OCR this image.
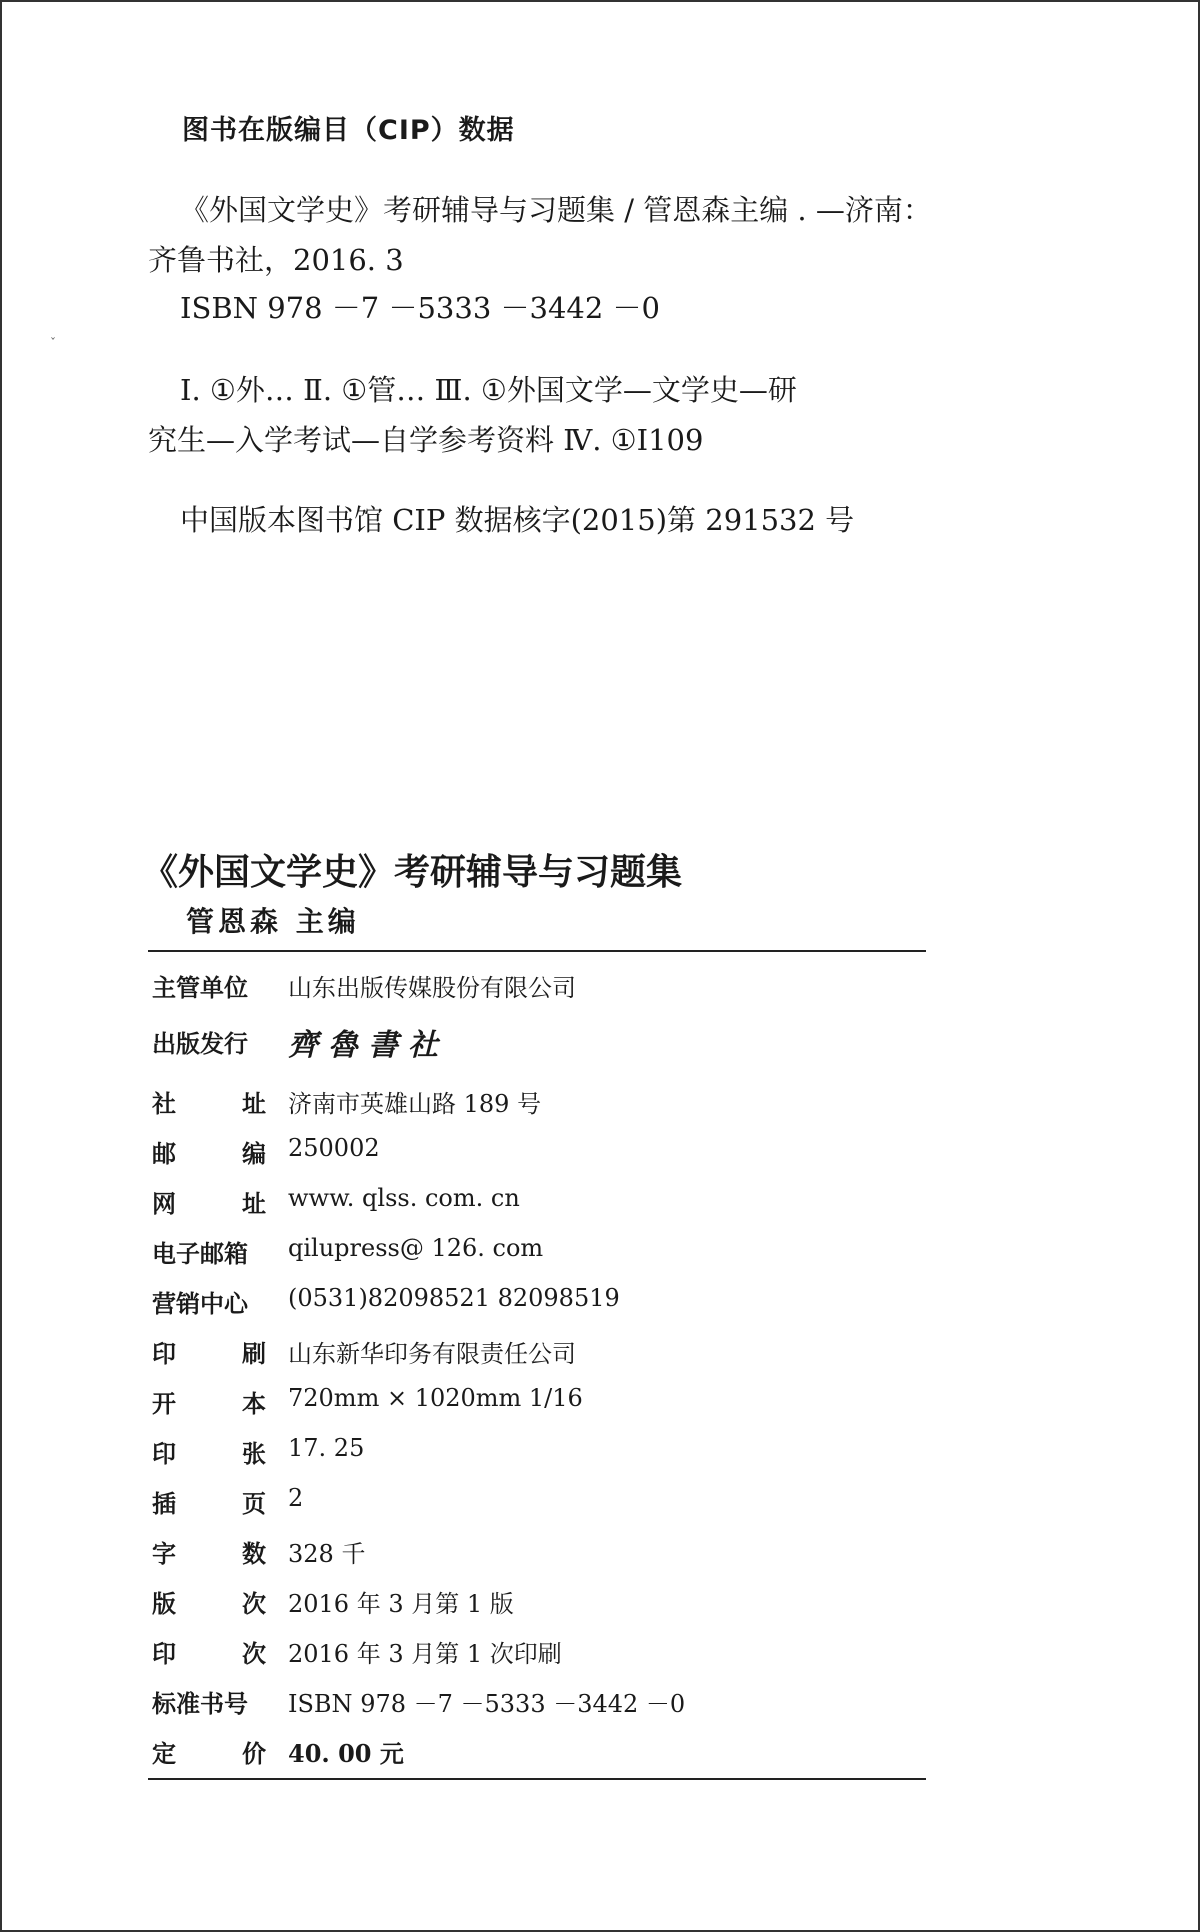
ˇ
图书在版编目（CIP）数据
《外国文学史》考研辅导与习题集 / 管恩森主编 . —济南：
齐鲁书社，2016. 3
ISBN 978 －7 －5333 －3442 －0
Ⅰ. ①外… Ⅱ. ①管… Ⅲ. ①外国文学—文学史—研
究生—入学考试—自学参考资料 Ⅳ. ①I109
中国版本图书馆 CIP 数据核字(2015)第 291532 号
《外国文学史》考研辅导与习题集
管恩森 主编
主管单位	山东出版传媒股份有限公司
出版发行	齊魯書社
社	址 济南市英雄山路 189 号
邮	编 250002
网	址 www. qlss. com. cn
电子邮箱	qilupress@ 126. com
营销中心	(0531)82098521 82098519
印	刷 山东新华印务有限责任公司
开	本 720mm × 1020mm 1/16
印	张 17. 25
插	页 2
字	数 328 千
版	次 2016 年 3 月第 1 版
印	次 2016 年 3 月第 1 次印刷
标准书号	ISBN 978 －7 －5333 －3442 －0
定	价 40. 00 元
